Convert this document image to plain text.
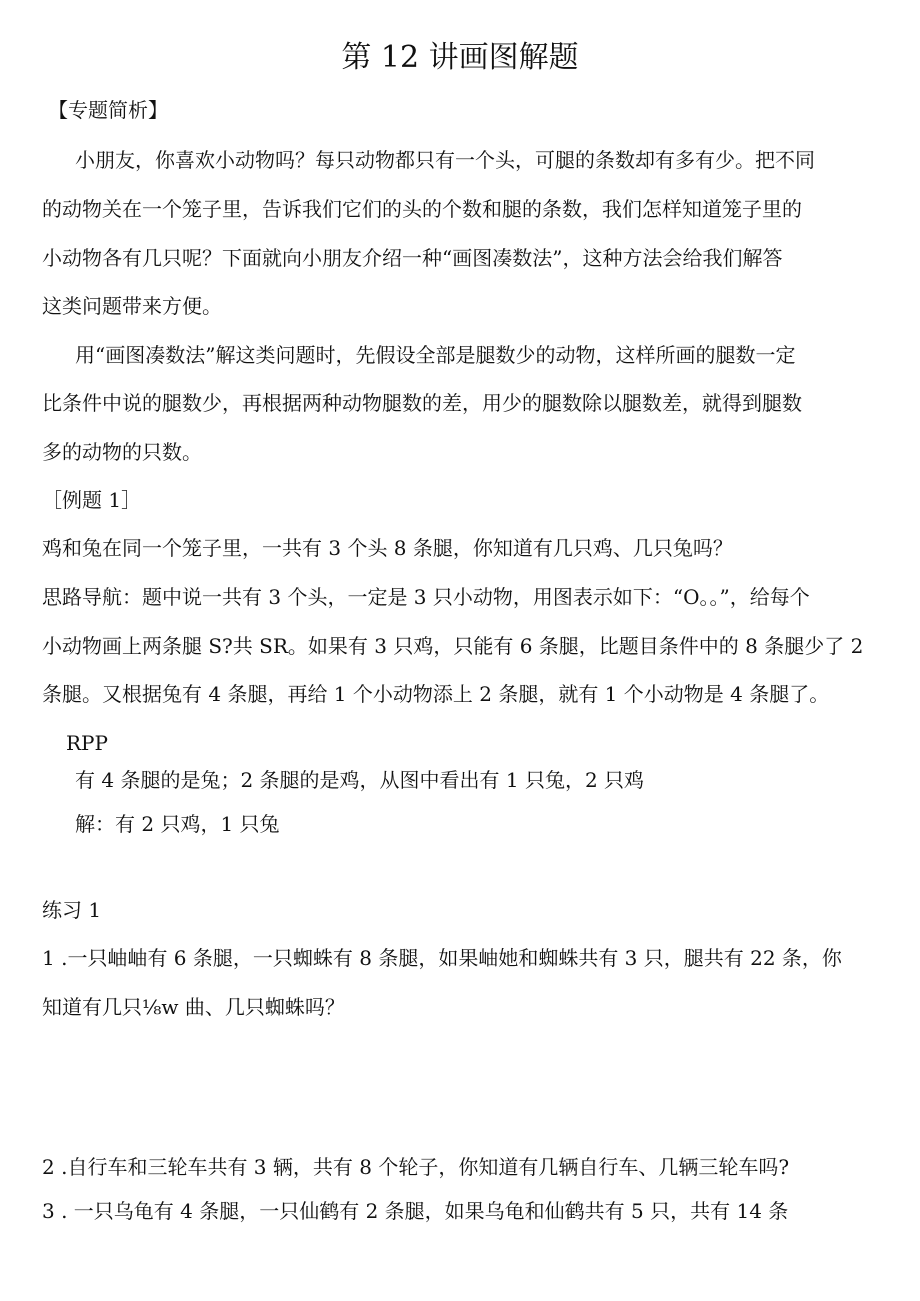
第 12 讲画图解题
【专题简析】
小朋友，你喜欢小动物吗？每只动物都只有一个头，可腿的条数却有多有少。把不同
的动物关在一个笼子里，告诉我们它们的头的个数和腿的条数，我们怎样知道笼子里的
小动物各有几只呢？下面就向小朋友介绍一种“画图凑数法”，这种方法会给我们解答
这类问题带来方便。
用“画图凑数法”解这类问题时，先假设全部是腿数少的动物，这样所画的腿数一定
比条件中说的腿数少，再根据两种动物腿数的差，用少的腿数除以腿数差，就得到腿数
多的动物的只数。
［例题 1］
鸡和兔在同一个笼子里，一共有 3 个头 8 条腿，你知道有几只鸡、几只兔吗？
思路导航：题中说一共有 3 个头，一定是 3 只小动物，用图表示如下：“O。。”，给每个
小动物画上两条腿 S?共 SR。如果有 3 只鸡，只能有 6 条腿，比题目条件中的 8 条腿少了 2
条腿。又根据兔有 4 条腿，再给 1 个小动物添上 2 条腿，就有 1 个小动物是 4 条腿了。
RPP
有 4 条腿的是兔；2 条腿的是鸡，从图中看出有 1 只兔，2 只鸡
解：有 2 只鸡，1 只兔
练习 1
1 .一只岫岫有 6 条腿，一只蜘蛛有 8 条腿，如果岫她和蜘蛛共有 3 只，腿共有 22 条，你
知道有几只⅛w 曲、几只蜘蛛吗？
2 .自行车和三轮车共有 3 辆，共有 8 个轮子，你知道有几辆自行车、几辆三轮车吗?
3 . 一只乌龟有 4 条腿，一只仙鹤有 2 条腿，如果乌龟和仙鹤共有 5 只，共有 14 条
